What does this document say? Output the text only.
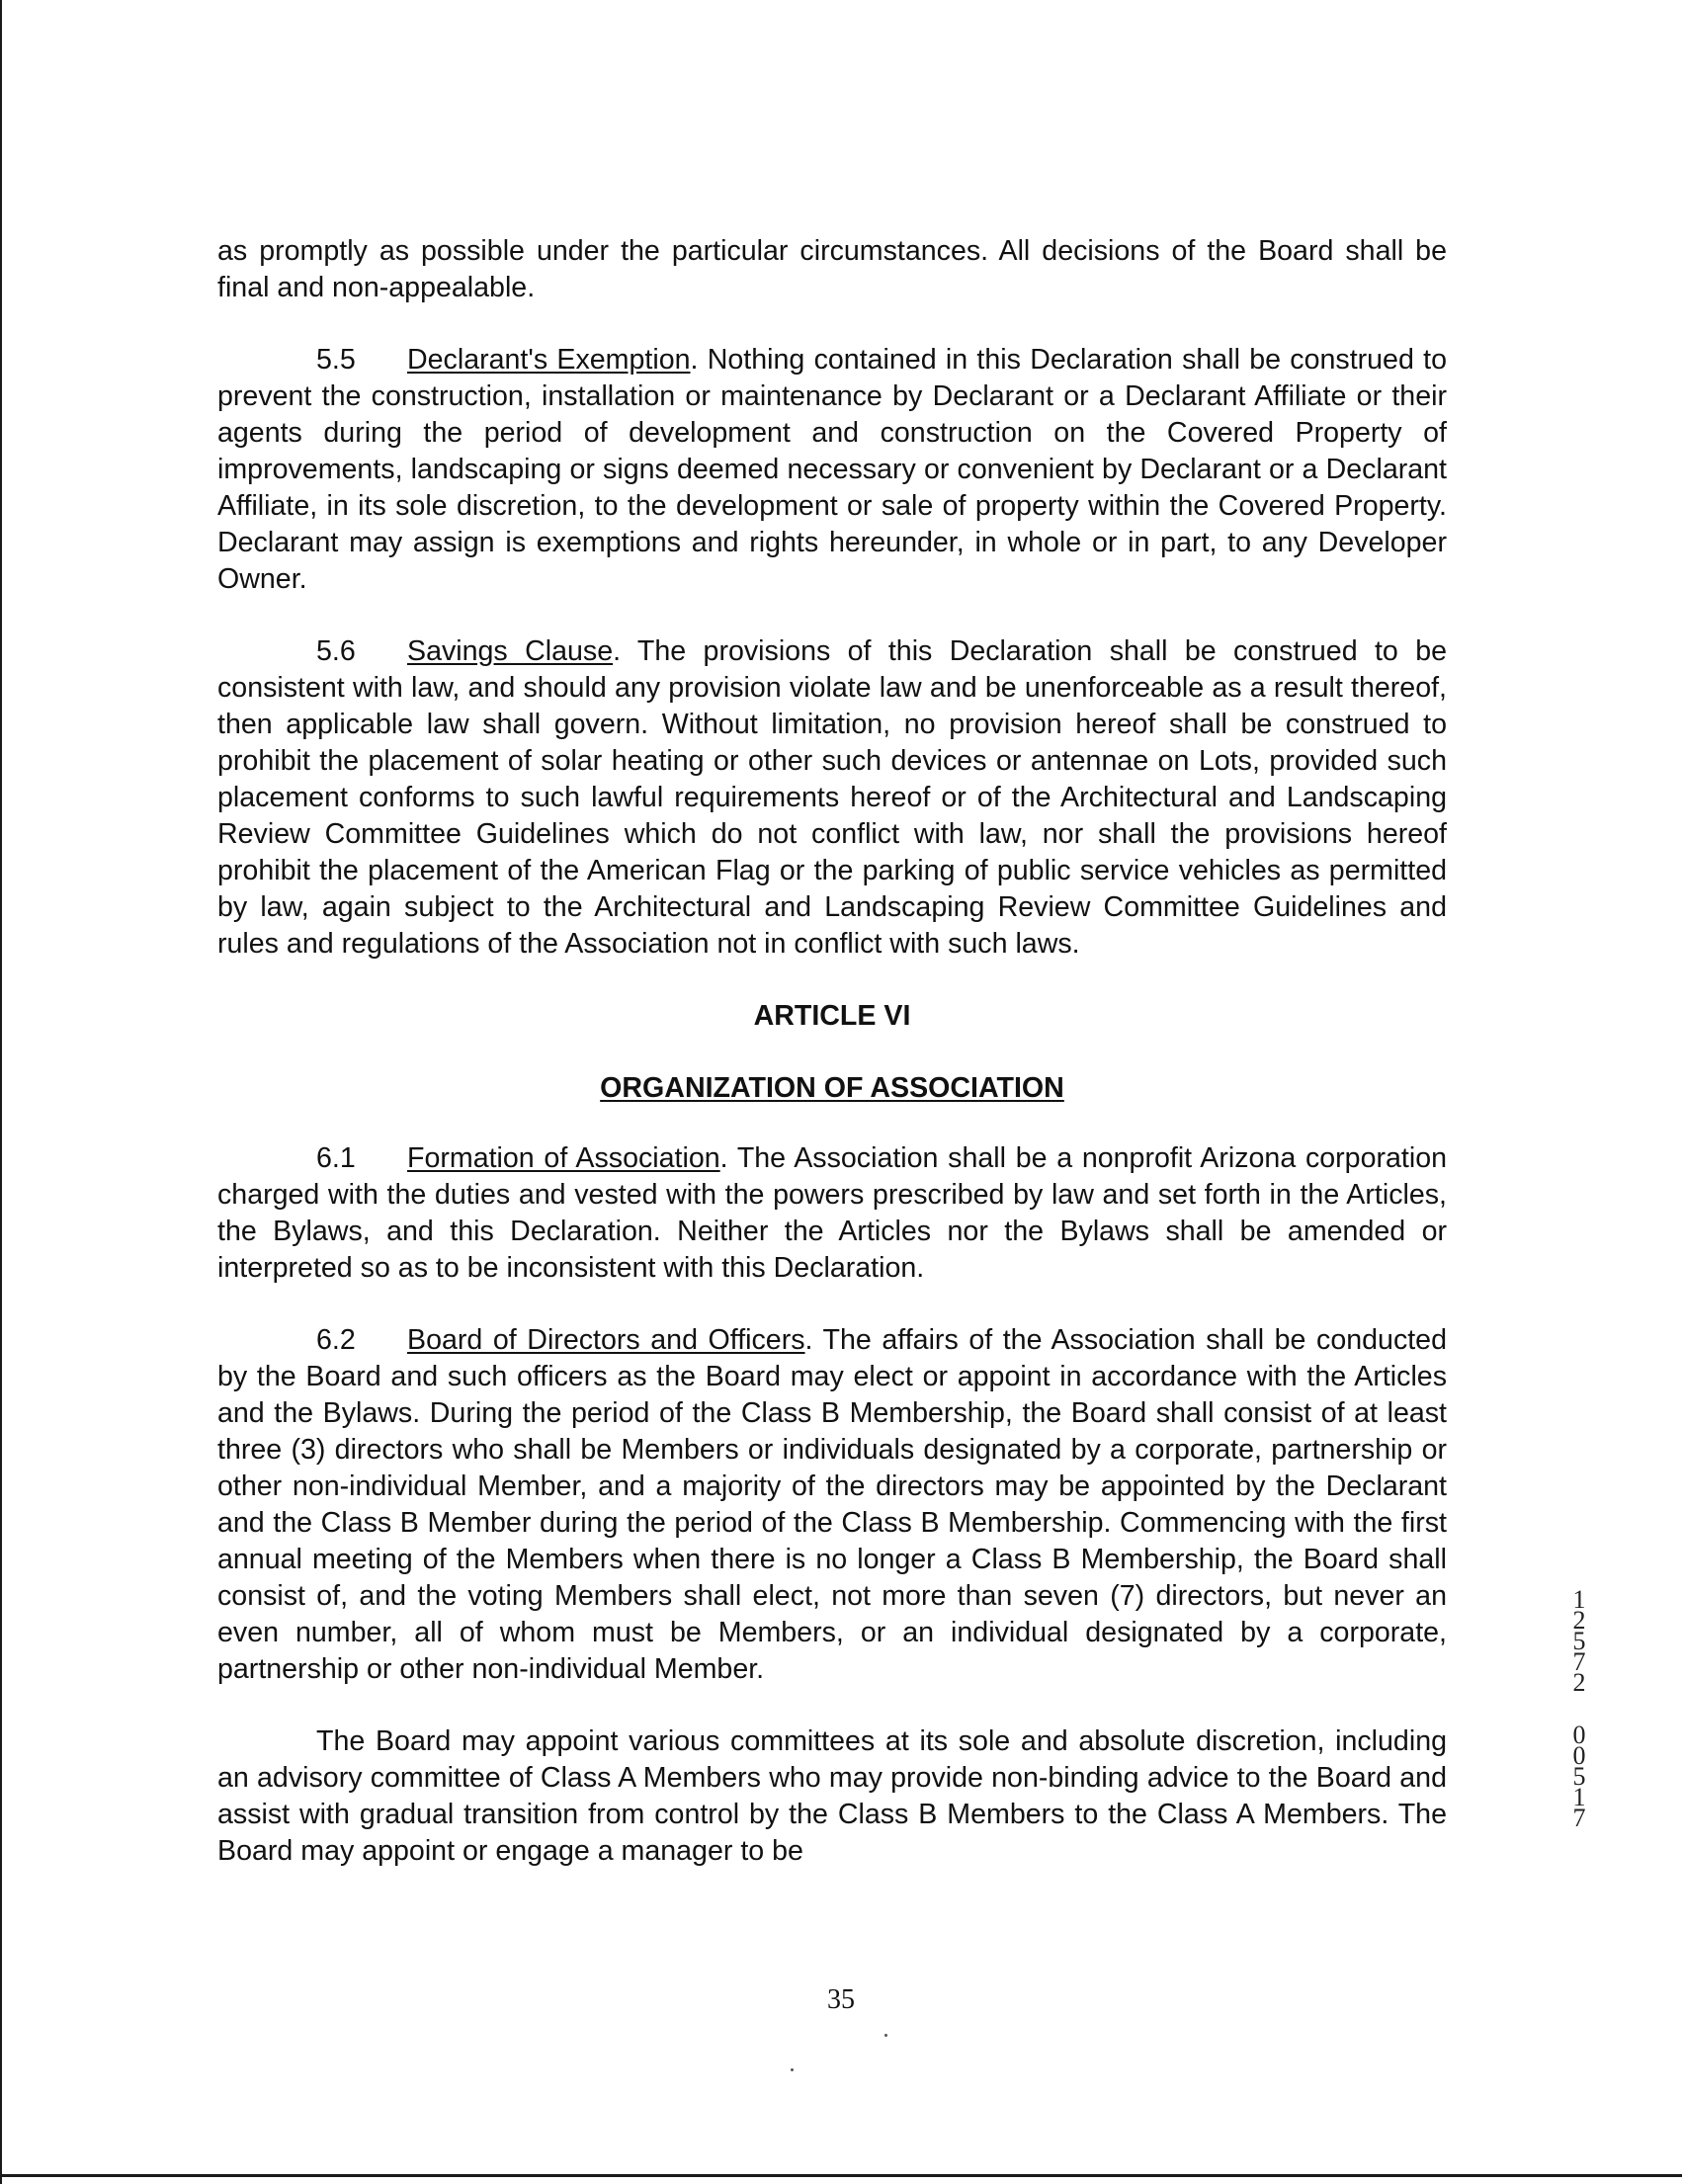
as promptly as possible under the particular circumstances. All decisions of the Board shall be final and non-appealable.

5.5 Declarant's Exemption. Nothing contained in this Declaration shall be construed to prevent the construction, installation or maintenance by Declarant or a Declarant Affiliate or their agents during the period of development and construction on the Covered Property of improvements, landscaping or signs deemed necessary or convenient by Declarant or a Declarant Affiliate, in its sole discretion, to the development or sale of property within the Covered Property. Declarant may assign is exemptions and rights hereunder, in whole or in part, to any Developer Owner.

5.6 Savings Clause. The provisions of this Declaration shall be construed to be consistent with law, and should any provision violate law and be unenforceable as a result thereof, then applicable law shall govern. Without limitation, no provision hereof shall be construed to prohibit the placement of solar heating or other such devices or antennae on Lots, provided such placement conforms to such lawful requirements hereof or of the Architectural and Landscaping Review Committee Guidelines which do not conflict with law, nor shall the provisions hereof prohibit the placement of the American Flag or the parking of public service vehicles as permitted by law, again subject to the Architectural and Landscaping Review Committee Guidelines and rules and regulations of the Association not in conflict with such laws.

ARTICLE VI
ORGANIZATION OF ASSOCIATION

6.1 Formation of Association. The Association shall be a nonprofit Arizona corporation charged with the duties and vested with the powers prescribed by law and set forth in the Articles, the Bylaws, and this Declaration. Neither the Articles nor the Bylaws shall be amended or interpreted so as to be inconsistent with this Declaration.

6.2 Board of Directors and Officers. The affairs of the Association shall be conducted by the Board and such officers as the Board may elect or appoint in accordance with the Articles and the Bylaws. During the period of the Class B Membership, the Board shall consist of at least three (3) directors who shall be Members or individuals designated by a corporate, partnership or other non-individual Member, and a majority of the directors may be appointed by the Declarant and the Class B Member during the period of the Class B Membership. Commencing with the first annual meeting of the Members when there is no longer a Class B Membership, the Board shall consist of, and the voting Members shall elect, not more than seven (7) directors, but never an even number, all of whom must be Members, or an individual designated by a corporate, partnership or other non-individual Member.

The Board may appoint various committees at its sole and absolute discretion, including an advisory committee of Class A Members who may provide non-binding advice to the Board and assist with gradual transition from control by the Class B Members to the Class A Members. The Board may appoint or engage a manager to be

35
1
2
5
7
2
0
0
5
1
7
